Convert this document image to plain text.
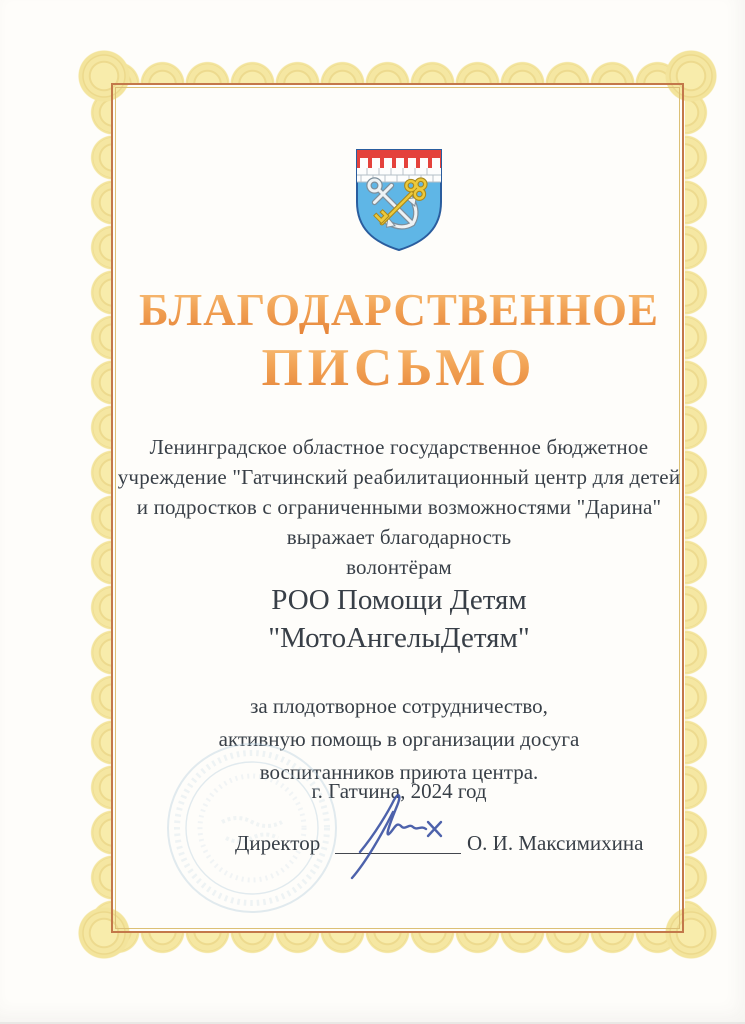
БЛАГОДАРСТВЕННОЕ
ПИСЬМО
Ленинградское областное государственное бюджетное
учреждение "Гатчинский реабилитационный центр для детей
и подростков с ограниченными возможностями "Дарина"
выражает благодарность
волонтёрам
РОО Помощи Детям
"МотоАнгелыДетям"
за плодотворное сотрудничество,
активную помощь в организации досуга
воспитанников приюта центра.
г. Гатчина, 2024 год
Директор	О. И. Максимихина
